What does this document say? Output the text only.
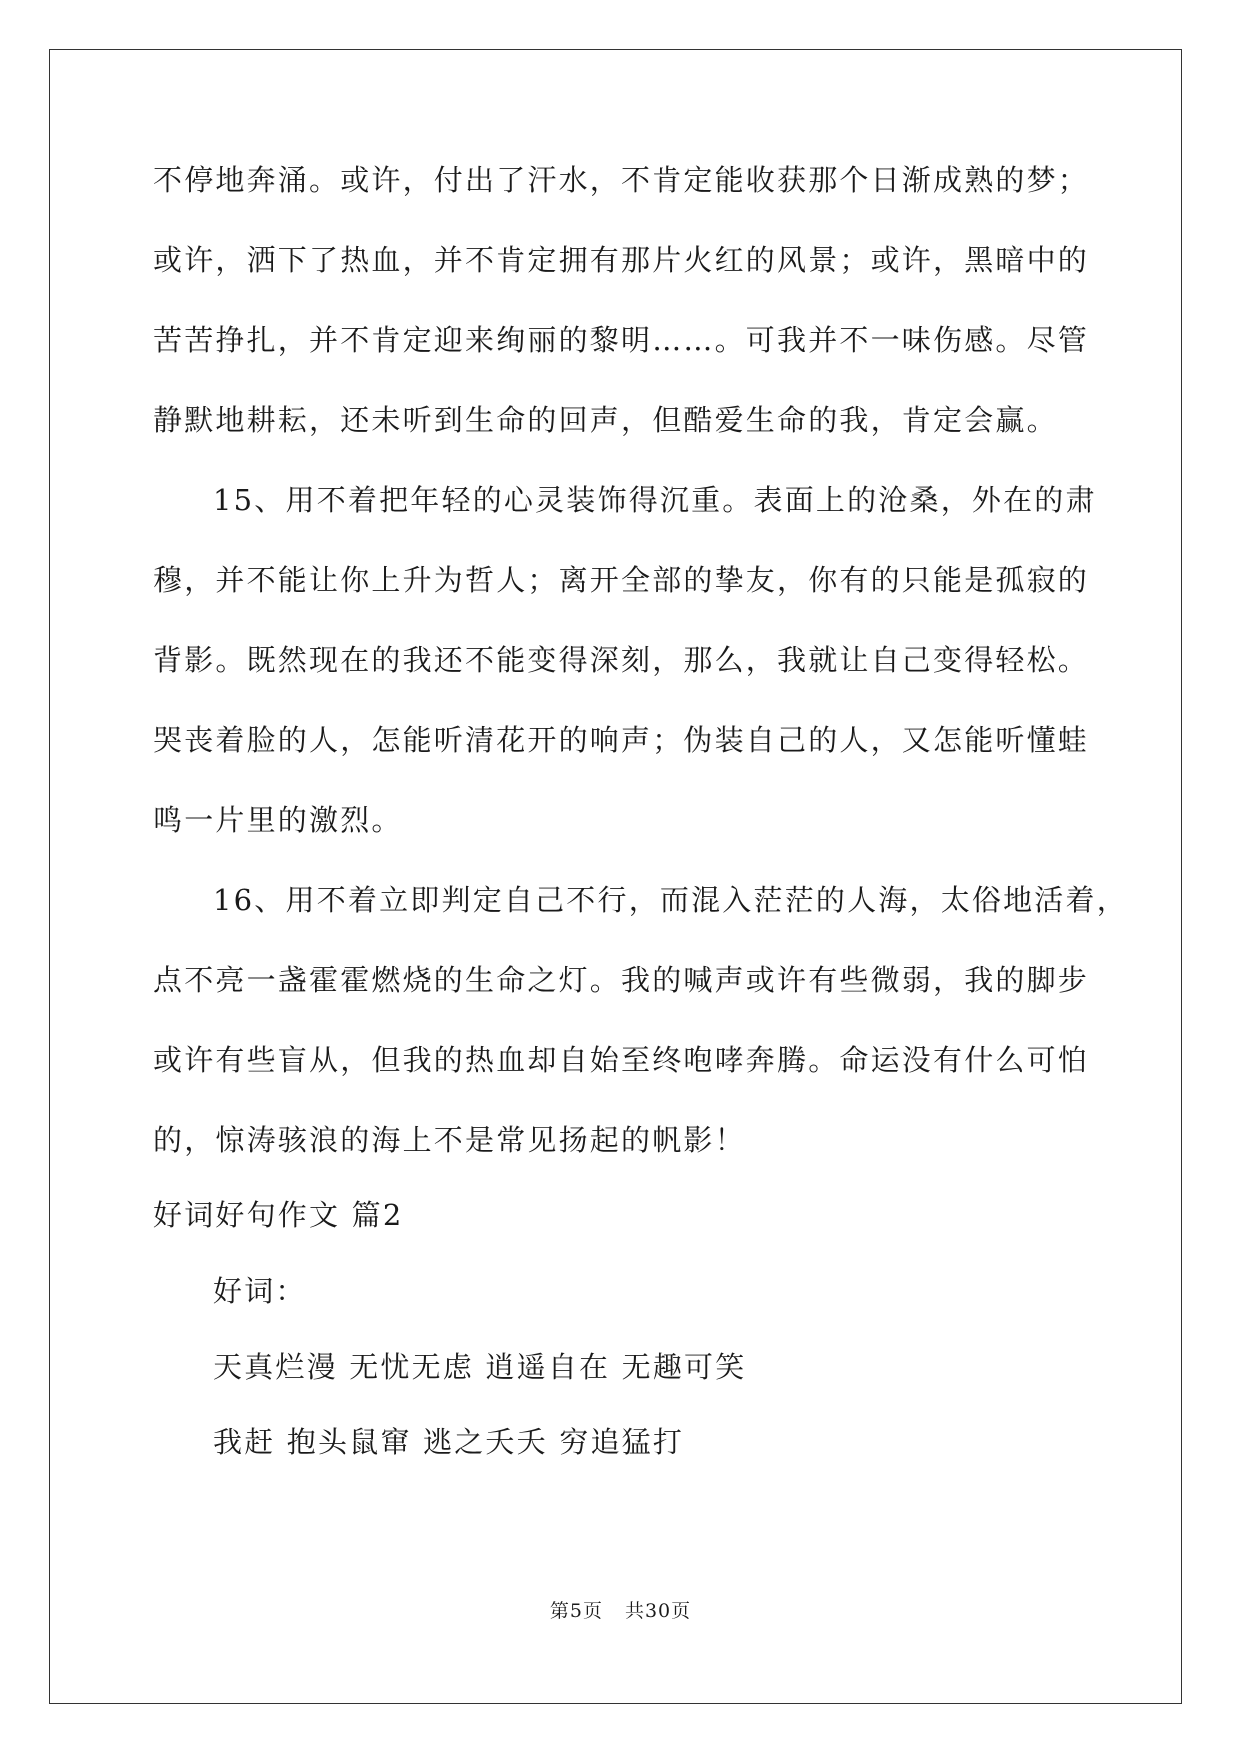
不停地奔涌。或许，付出了汗水，不肯定能收获那个日渐成熟的梦；
或许，洒下了热血，并不肯定拥有那片火红的风景；或许，黑暗中的
苦苦挣扎，并不肯定迎来绚丽的黎明……。可我并不一味伤感。尽管
静默地耕耘，还未听到生命的回声，但酷爱生命的我，肯定会赢。
15、用不着把年轻的心灵装饰得沉重。表面上的沧桑，外在的肃
穆，并不能让你上升为哲人；离开全部的挚友，你有的只能是孤寂的
背影。既然现在的我还不能变得深刻，那么，我就让自己变得轻松。
哭丧着脸的人，怎能听清花开的响声；伪装自己的人，又怎能听懂蛙
鸣一片里的激烈。
16、用不着立即判定自己不行，而混入茫茫的人海，太俗地活着，
点不亮一盏霍霍燃烧的生命之灯。我的喊声或许有些微弱，我的脚步
或许有些盲从，但我的热血却自始至终咆哮奔腾。命运没有什么可怕
的，惊涛骇浪的海上不是常见扬起的帆影！
好词好句作文 篇2
好词：
天真烂漫 无忧无虑 逍遥自在 无趣可笑
我赶 抱头鼠窜 逃之夭夭 穷追猛打
第5页 共30页
